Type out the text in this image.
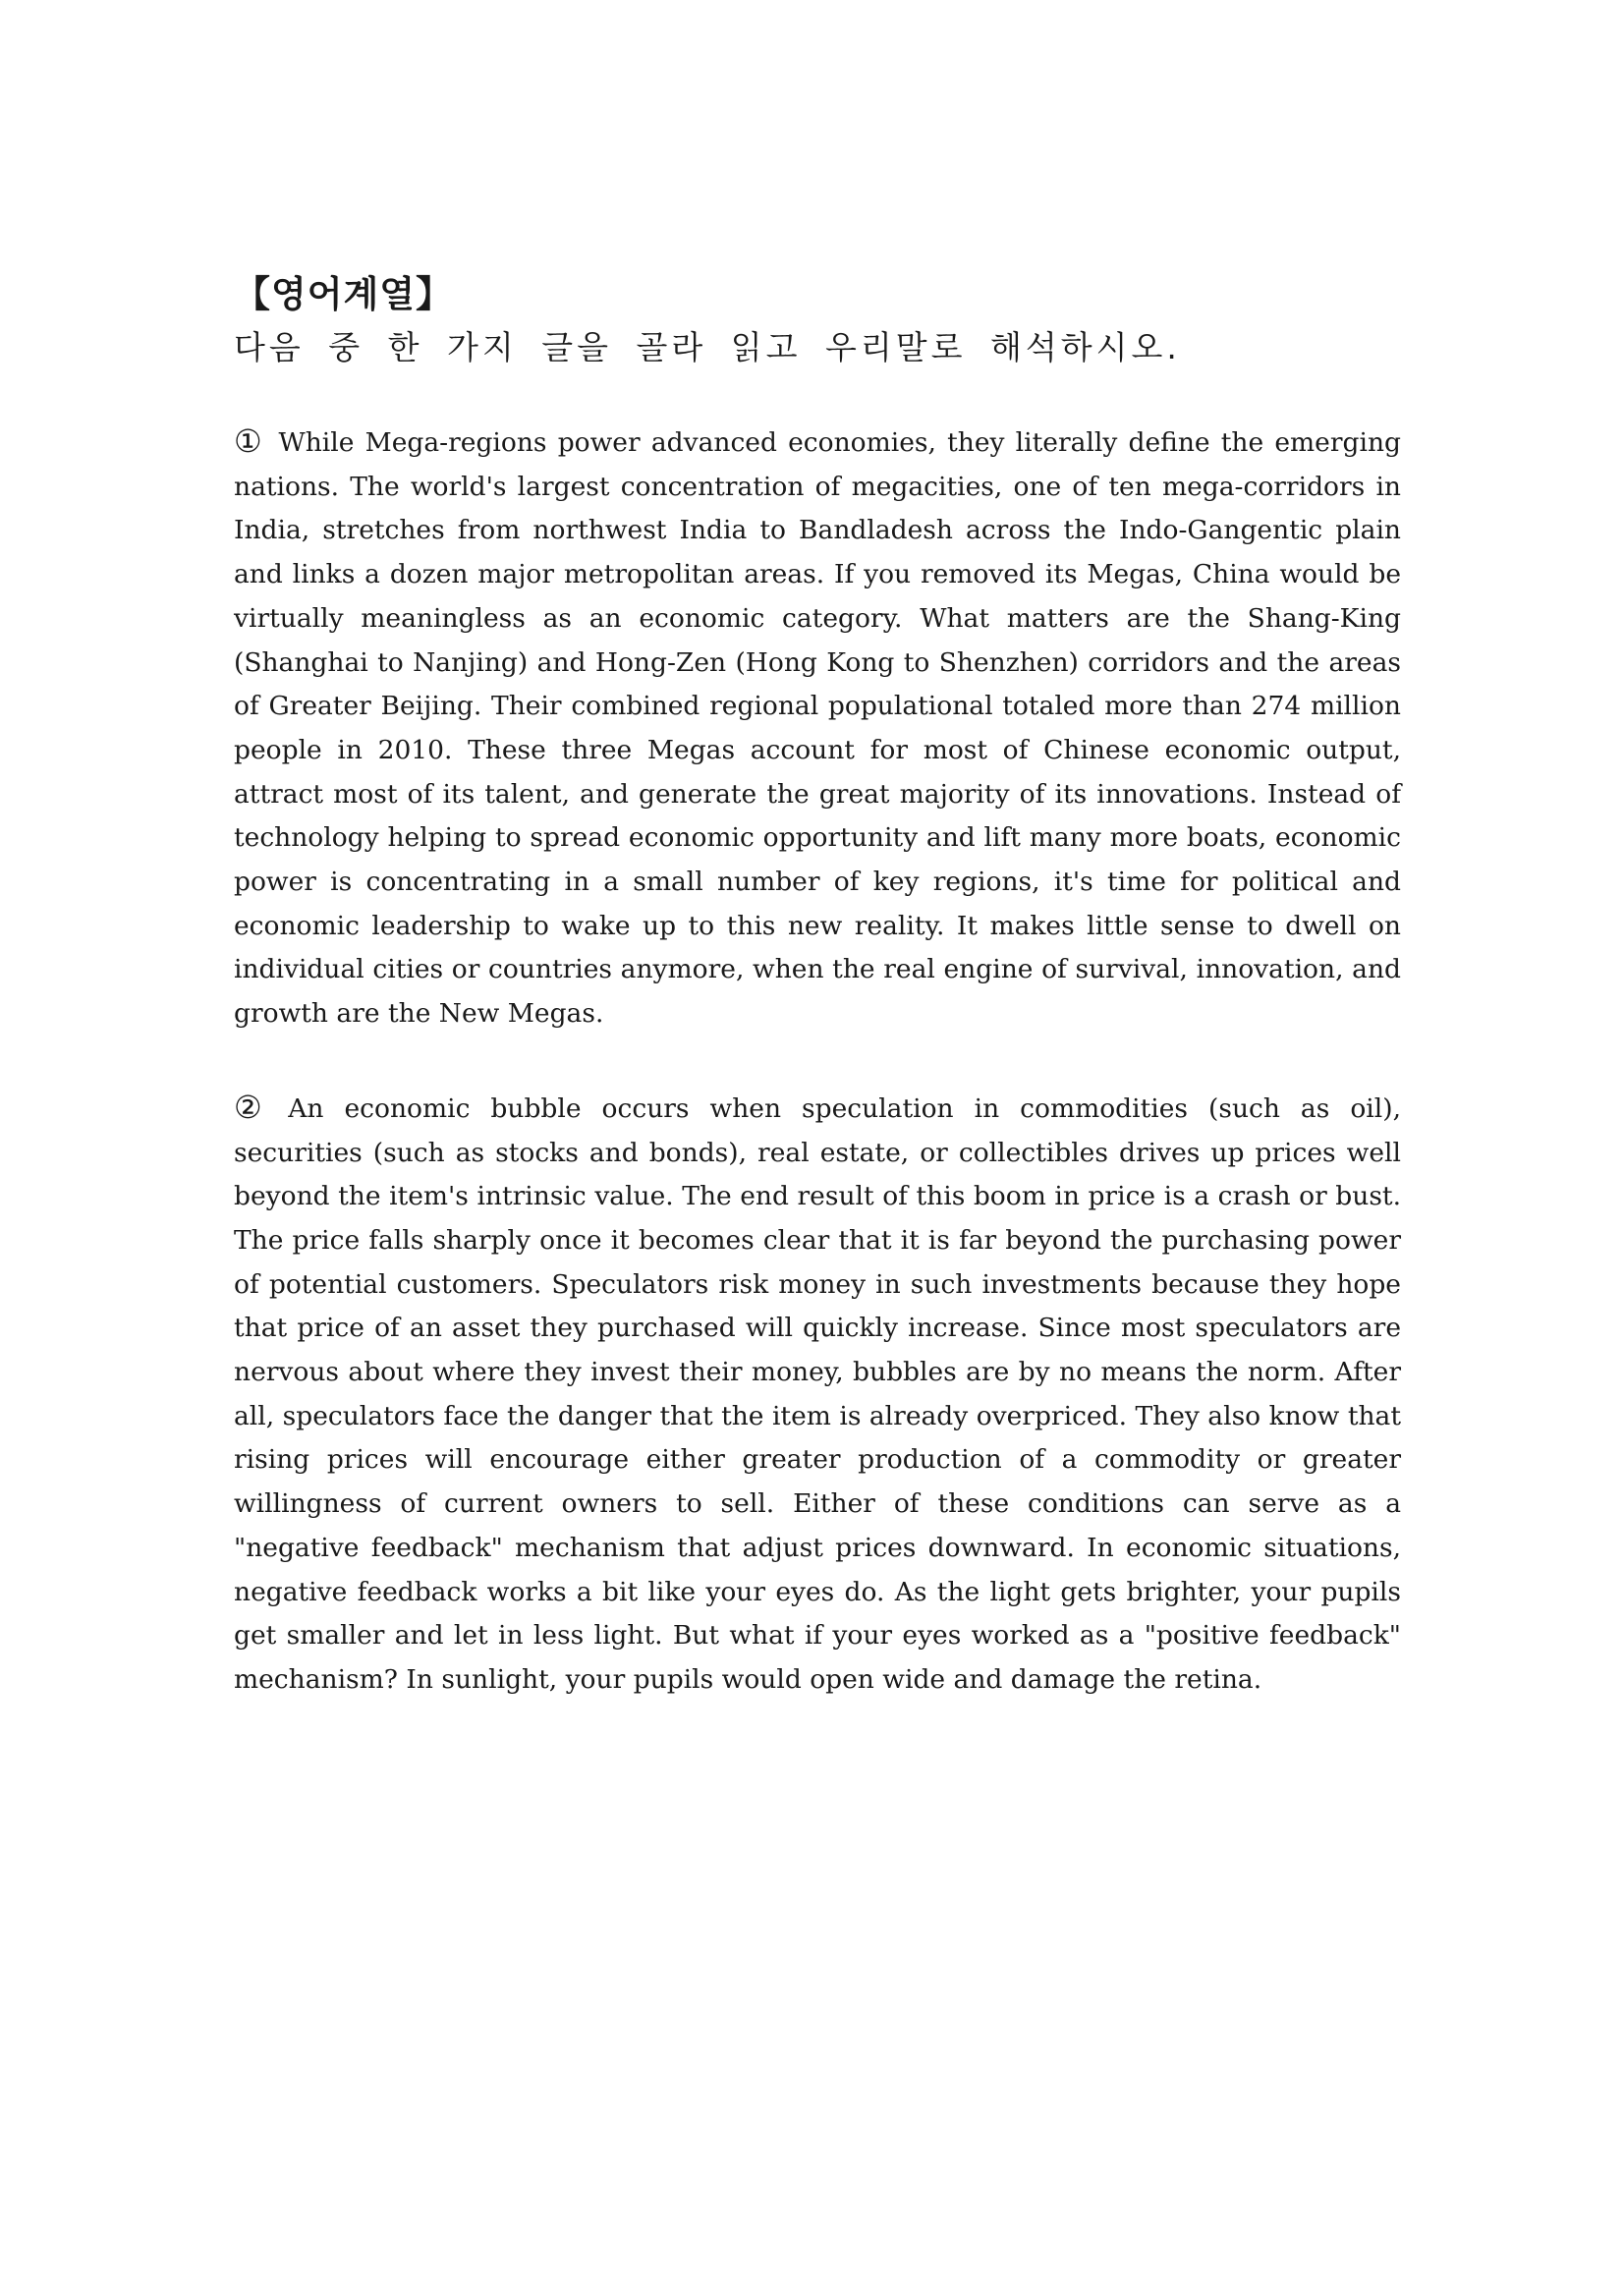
【영어계열】

다음 중 한 가지 글을 골라 읽고 우리말로 해석하시오.

① While Mega-regions power advanced economies, they literally define the emerging nations. The world's largest concentration of megacities, one of ten mega-corridors in India, stretches from northwest India to Bandladesh across the Indo-Gangentic plain and links a dozen major metropolitan areas. If you removed its Megas, China would be virtually meaningless as an economic category. What matters are the Shang-King (Shanghai to Nanjing) and Hong-Zen (Hong Kong to Shenzhen) corridors and the areas of Greater Beijing. Their combined regional populational totaled more than 274 million people in 2010. These three Megas account for most of Chinese economic output, attract most of its talent, and generate the great majority of its innovations. Instead of technology helping to spread economic opportunity and lift many more boats, economic power is concentrating in a small number of key regions, it's time for political and economic leadership to wake up to this new reality. It makes little sense to dwell on individual cities or countries anymore, when the real engine of survival, innovation, and growth are the New Megas.

② An economic bubble occurs when speculation in commodities (such as oil), securities (such as stocks and bonds), real estate, or collectibles drives up prices well beyond the item's intrinsic value. The end result of this boom in price is a crash or bust. The price falls sharply once it becomes clear that it is far beyond the purchasing power of potential customers. Speculators risk money in such investments because they hope that price of an asset they purchased will quickly increase. Since most speculators are nervous about where they invest their money, bubbles are by no means the norm. After all, speculators face the danger that the item is already overpriced. They also know that rising prices will encourage either greater production of a commodity or greater willingness of current owners to sell. Either of these conditions can serve as a "negative feedback" mechanism that adjust prices downward. In economic situations, negative feedback works a bit like your eyes do. As the light gets brighter, your pupils get smaller and let in less light. But what if your eyes worked as a "positive feedback" mechanism? In sunlight, your pupils would open wide and damage the retina.
